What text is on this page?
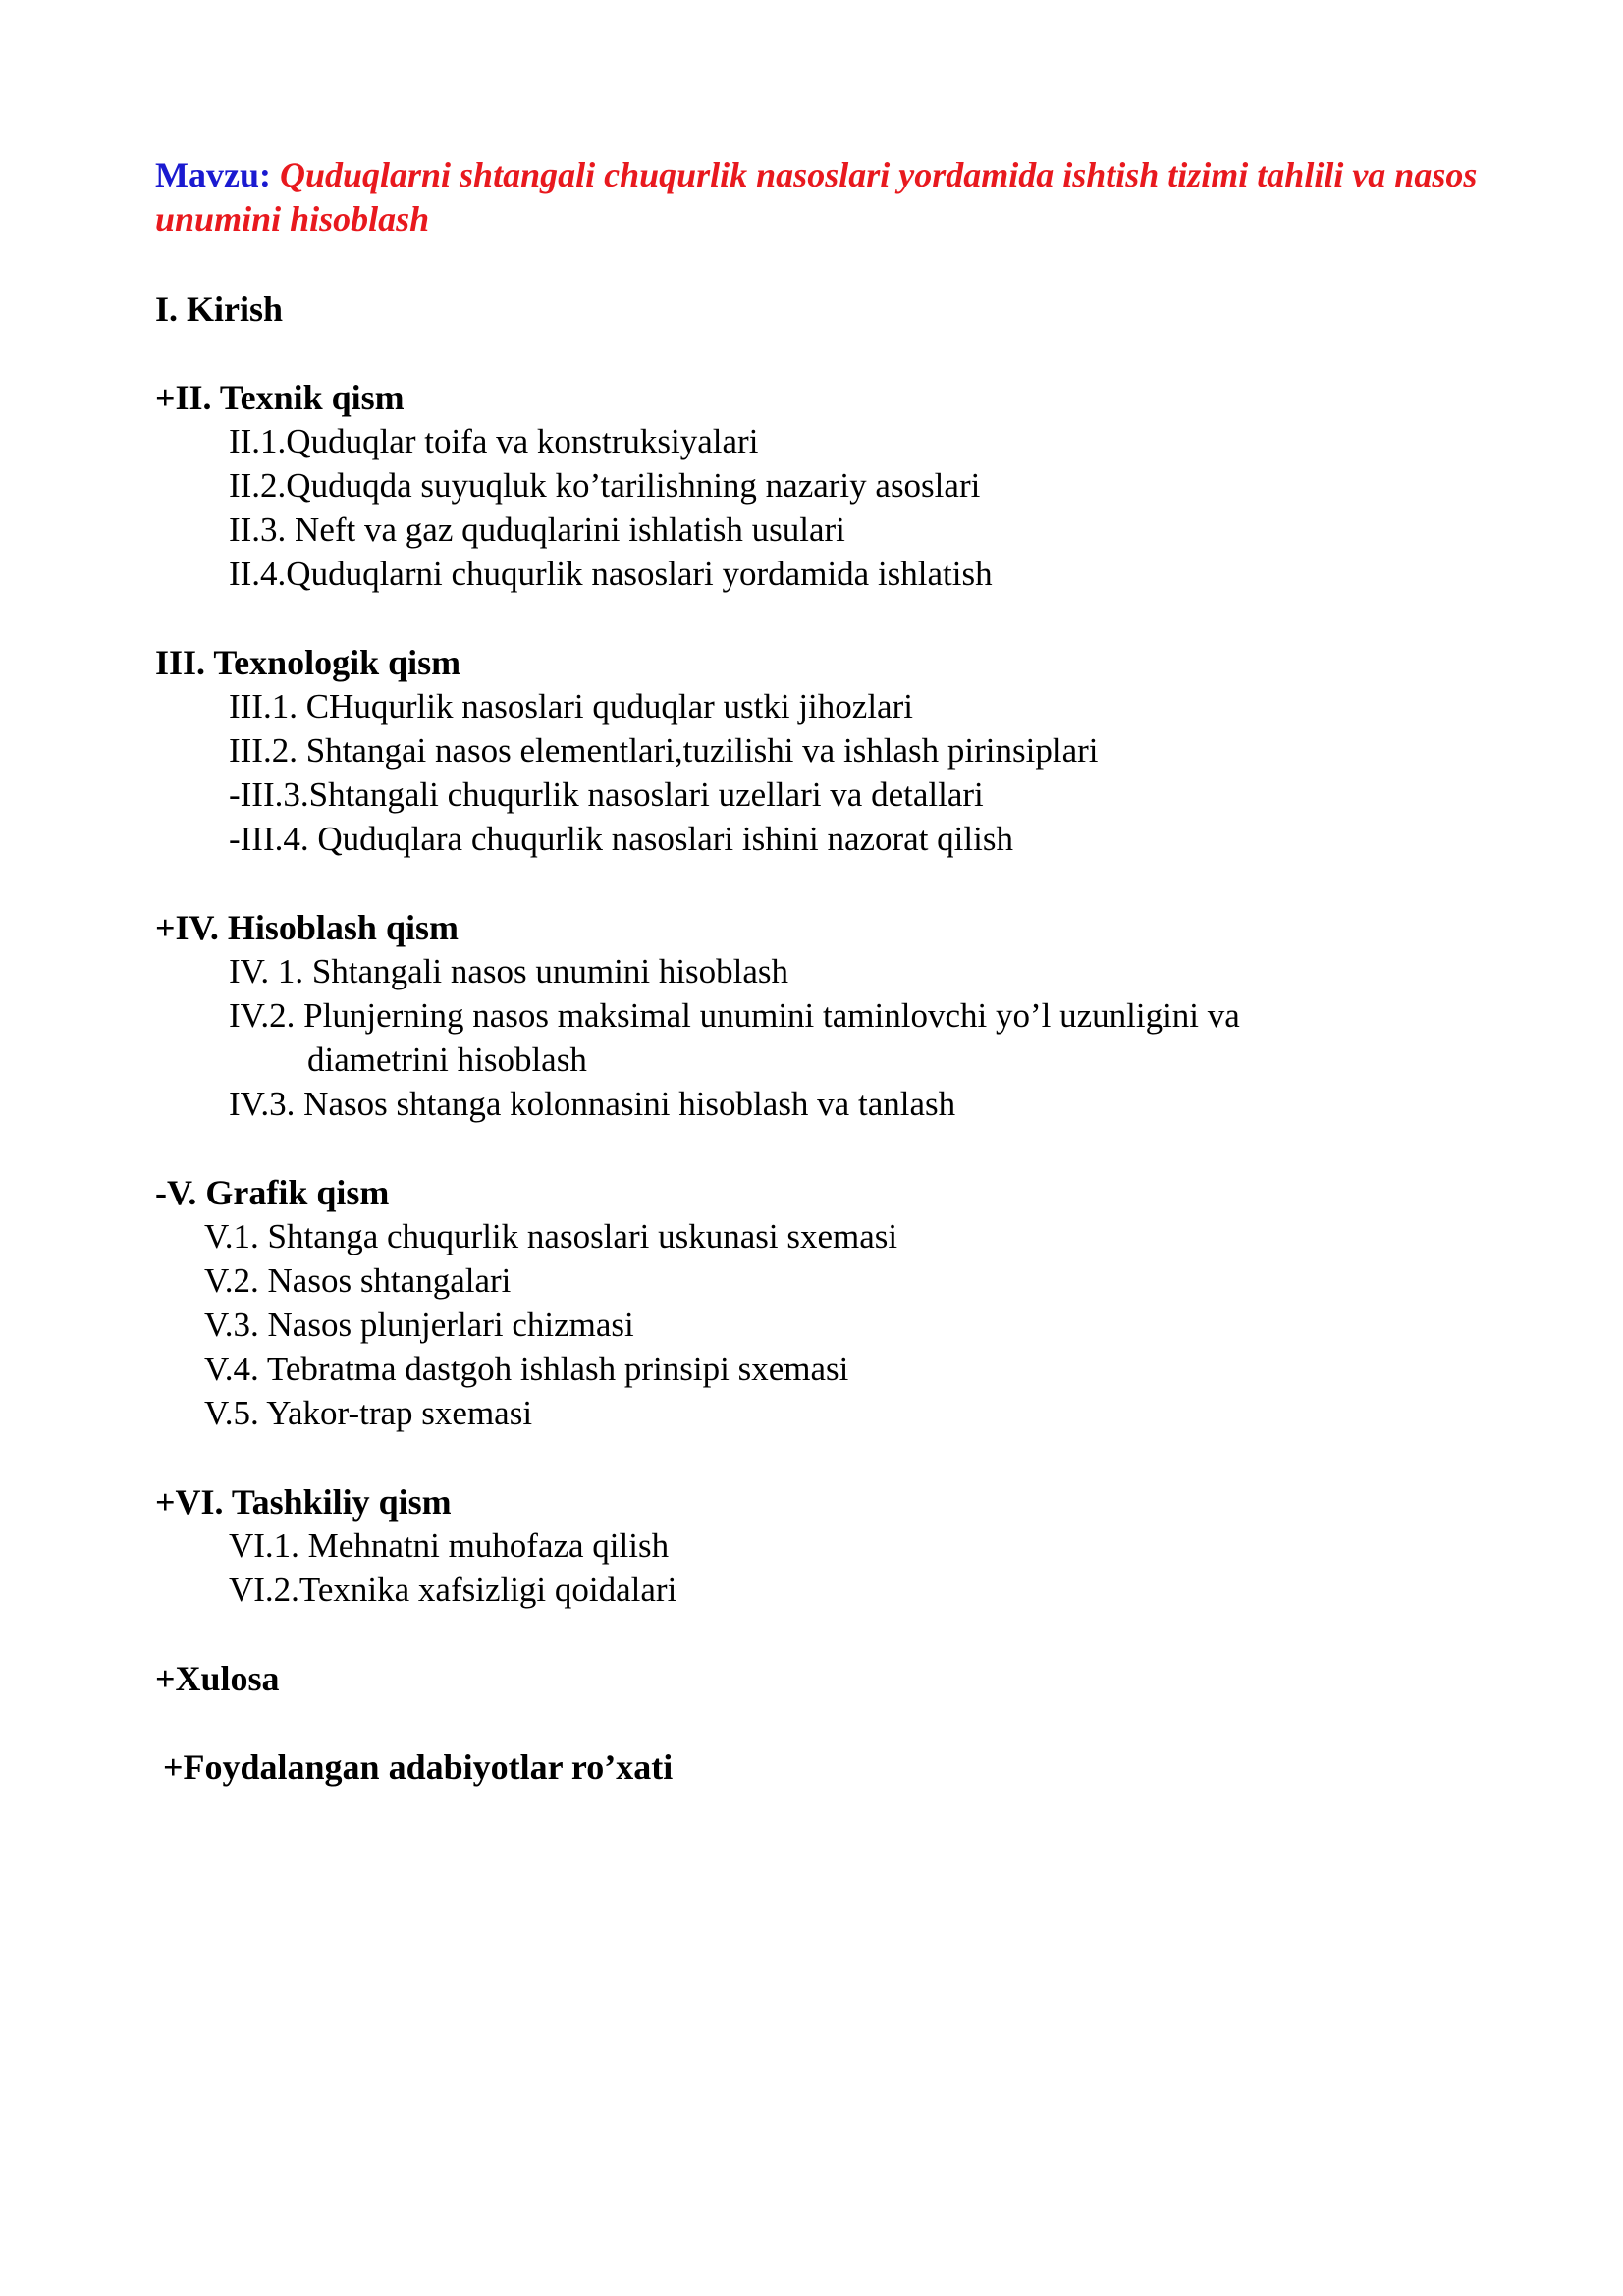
Mavzu: Quduqlarni shtangali chuqurlik nasoslari yordamida ishtish tizimi tahlili va nasos unumini hisoblash
I. Kirish
+II. Texnik qism
II.1.Quduqlar toifa va konstruksiyalari
II.2.Quduqda suyuqluk ko’tarilishning nazariy asoslari
II.3. Neft va gaz quduqlarini ishlatish usulari
II.4.Quduqlarni chuqurlik nasoslari yordamida ishlatish
III. Texnologik qism
III.1. CHuqurlik nasoslari quduqlar ustki jihozlari
III.2. Shtangai nasos elementlari,tuzilishi va ishlash pirinsiplari
-III.3.Shtangali chuqurlik nasoslari uzellari va detallari
-III.4. Quduqlara chuqurlik nasoslari ishini nazorat qilish
+IV. Hisoblash qism
IV. 1. Shtangali nasos unumini hisoblash
IV.2. Plunjerning nasos maksimal unumini taminlovchi yo’l uzunligini va
diametrini hisoblash
IV.3. Nasos shtanga kolonnasini hisoblash va tanlash
-V. Grafik qism
V.1. Shtanga chuqurlik nasoslari uskunasi sxemasi
V.2. Nasos shtangalari
V.3. Nasos plunjerlari chizmasi
V.4. Tebratma dastgoh ishlash prinsipi sxemasi
V.5. Yakor-trap sxemasi
+VI. Tashkiliy qism
VI.1. Mehnatni muhofaza qilish
VI.2.Texnika xafsizligi qoidalari
+Xulosa
+Foydalangan adabiyotlar ro’xati
